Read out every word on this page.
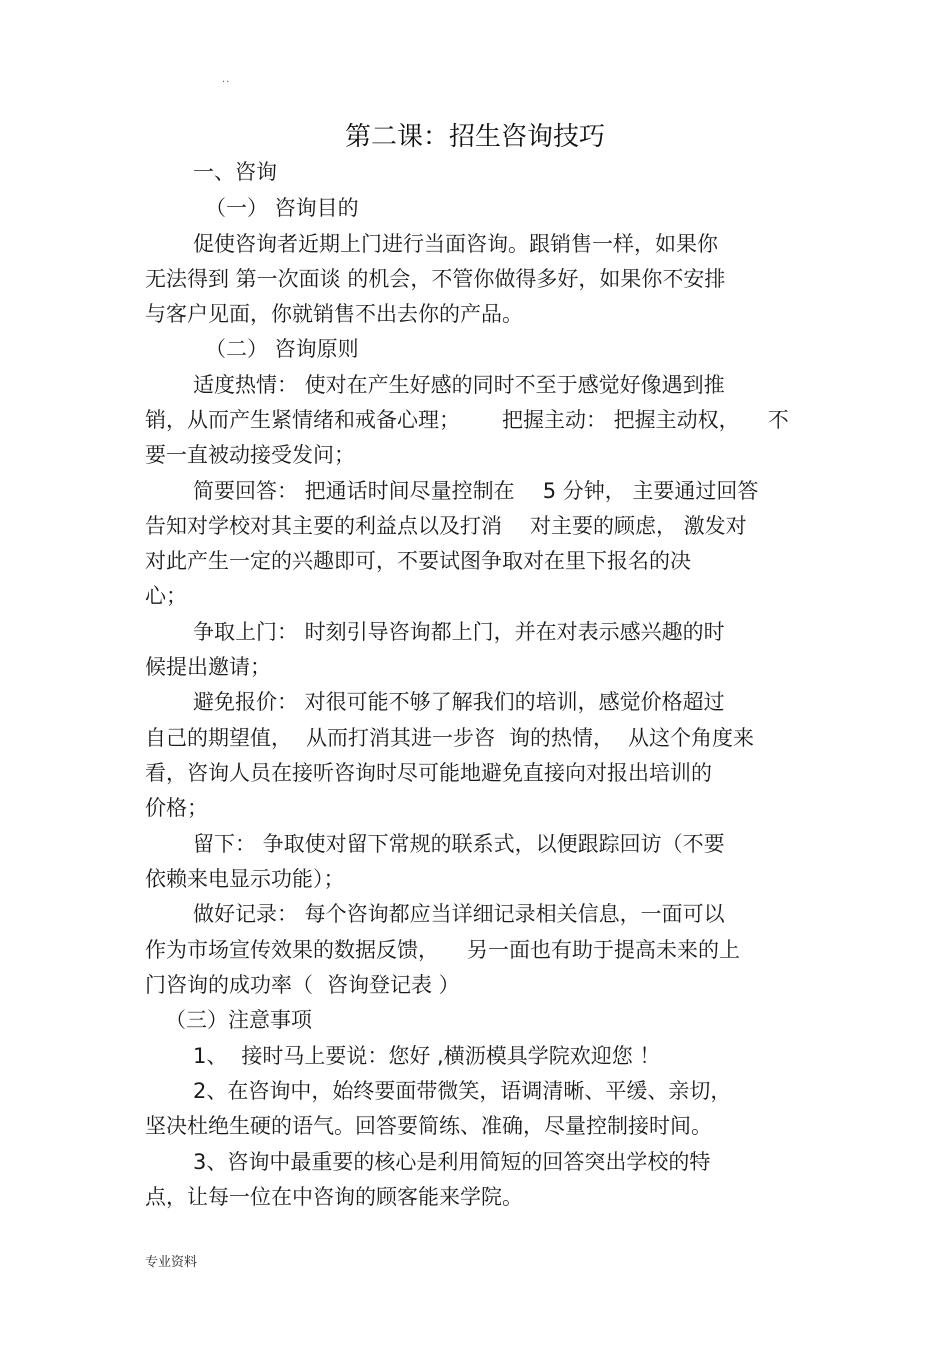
..
第二课：招生咨询技巧
一、咨询
（一） 咨询目的
促使咨询者近期上门进行当面咨询。跟销售一样，如果你
无法得到 第一次面谈 的机会，不管你做得多好，如果你不安排
与客户见面，你就销售不出去你的产品。
（二） 咨询原则
适度热情： 使对在产生好感的同时不至于感觉好像遇到推
销，从而产生紧情绪和戒备心理； 把握主动： 把握主动权， 不
要一直被动接受发问；
简要回答： 把通话时间尽量控制在 5 分钟， 主要通过回答
告知对学校对其主要的利益点以及打消 对主要的顾虑， 激发对
对此产生一定的兴趣即可，不要试图争取对在里下报名的决
心；
争取上门： 时刻引导咨询都上门，并在对表示感兴趣的时
候提出邀请；
避免报价： 对很可能不够了解我们的培训，感觉价格超过
自己的期望值， 从而打消其进一步咨 询的热情， 从这个角度来
看，咨询人员在接听咨询时尽可能地避免直接向对报出培训的
价格；
留下： 争取使对留下常规的联系式，以便跟踪回访（不要
依赖来电显示功能）；
做好记录： 每个咨询都应当详细记录相关信息，一面可以
作为市场宣传效果的数据反馈， 另一面也有助于提高未来的上
门咨询的成功率（ 咨询登记表 ）
（三）注意事项
1、 接时马上要说：您好 ,横沥模具学院欢迎您 ！
2、在咨询中，始终要面带微笑，语调清晰、平缓、亲切，
坚决杜绝生硬的语气。回答要简练、准确，尽量控制接时间。
3、咨询中最重要的核心是利用简短的回答突出学校的特
点，让每一位在中咨询的顾客能来学院。
专业资料
